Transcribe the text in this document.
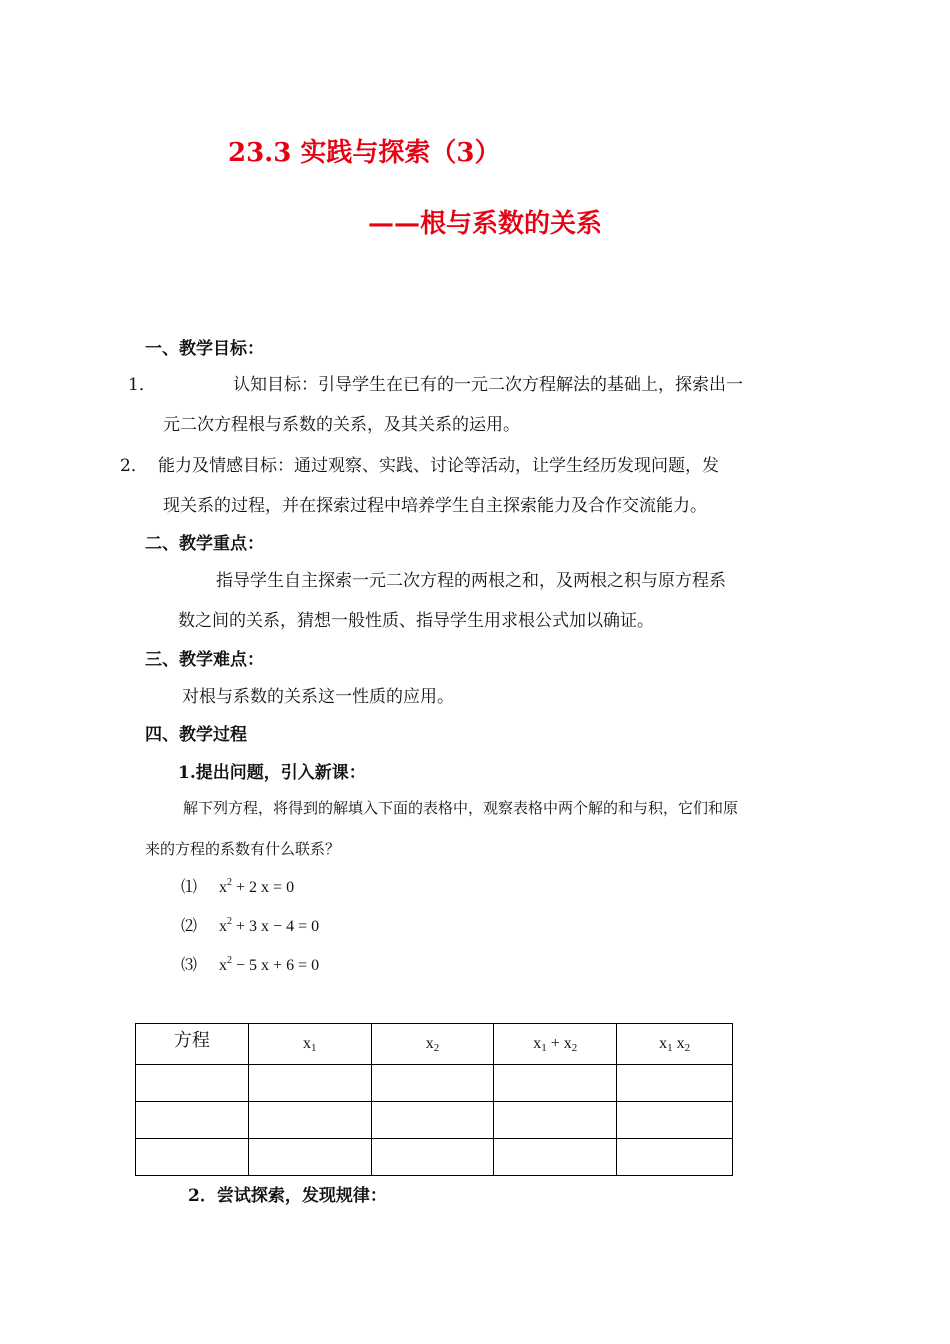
23.3 实践与探索（3）
——根与系数的关系
一、教学目标：
1．	认知目标：引导学生在已有的一元二次方程解法的基础上，探索出一
元二次方程根与系数的关系，及其关系的运用。
2． 能力及情感目标：通过观察、实践、讨论等活动，让学生经历发现问题，发
现关系的过程，并在探索过程中培养学生自主探索能力及合作交流能力。
二、教学重点：
指导学生自主探索一元二次方程的两根之和，及两根之积与原方程系
数之间的关系，猜想一般性质、指导学生用求根公式加以确证。
三、教学难点：
对根与系数的关系这一性质的应用。
四、教学过程
1.提出问题，引入新课：
解下列方程，将得到的解填入下面的表格中，观察表格中两个解的和与积，它们和原
来的方程的系数有什么联系？
⑴ $x^2 + 2$ x = 0
⑵ $x^2 + 3$ x − 4 = 0
⑶ $x^2 - 5$ x + 6 = 0
方程	$x_1$	$x_2$	$x_1 + x_2$	$x_1$ $x_2$

2．尝试探索，发现规律：
